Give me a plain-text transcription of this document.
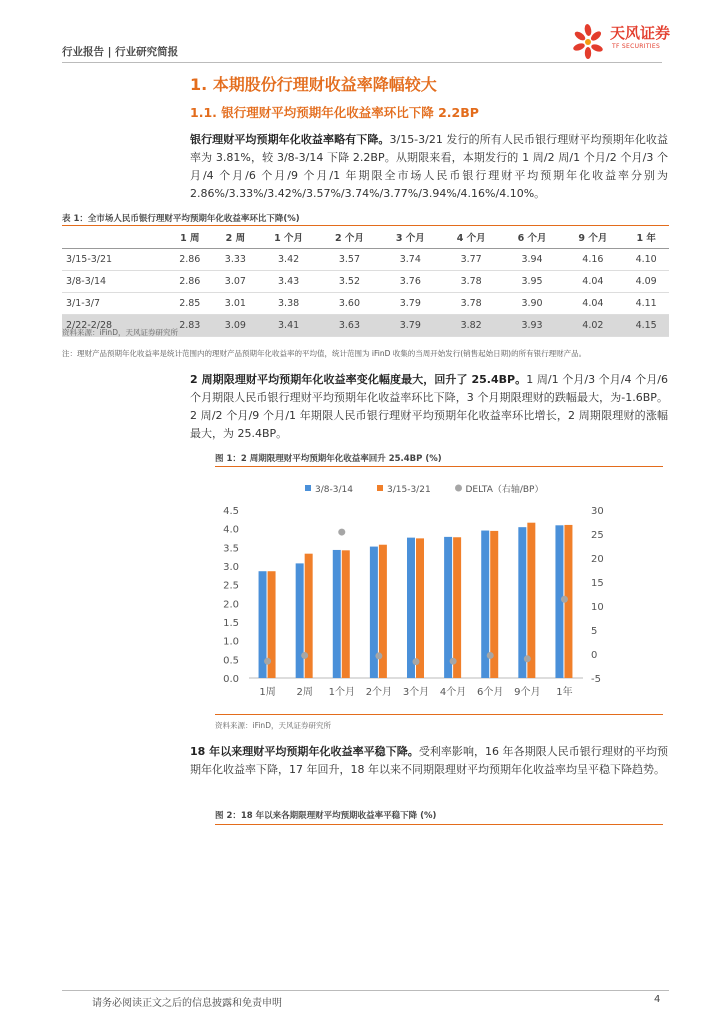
行业报告 | 行业研究简报
天风证券
TF SECURITIES
1. 本期股份行理财收益率降幅较大
1.1. 银行理财平均预期年化收益率环比下降 2.2BP
银行理财平均预期年化收益率略有下降。3/15-3/21 发行的所有人民币银行理财平均预期年化收益率为 3.81%，较 3/8-3/14 下降 2.2BP。从期限来看，本期发行的 1 周/2 周/1 个月/2 个月/3 个月/4 个月/6 个月/9 个月/1 年期限全市场人民币银行理财平均预期年化收益率分别为 2.86%/3.33%/3.42%/3.57%/3.74%/3.77%/3.94%/4.16%/4.10%。
表 1：全市场人民币银行理财平均预期年化收益率环比下降(%)
	1 周	2 周	1 个月	2 个月	3 个月	4 个月	6 个月	9 个月	1 年
3/15-3/21	2.86	3.33	3.42	3.57	3.74	3.77	3.94	4.16	4.10
3/8-3/14	2.86	3.07	3.43	3.52	3.76	3.78	3.95	4.04	4.09
3/1-3/7	2.85	3.01	3.38	3.60	3.79	3.78	3.90	4.04	4.11
2/22-2/28	2.83	3.09	3.41	3.63	3.79	3.82	3.93	4.02	4.15
资料来源：iFinD，天风证券研究所
注：理财产品预期年化收益率是统计范围内的理财产品预期年化收益率的平均值，统计范围为 iFinD 收集的当周开始发行(销售起始日期)的所有银行理财产品。
2 周期限理财平均预期年化收益率变化幅度最大，回升了 25.4BP。1 周/1 个月/3 个月/4 个月/6 个月期限人民币银行理财平均预期年化收益率环比下降，3 个月期限理财的跌幅最大，为-1.6BP。2 周/2 个月/9 个月/1 年期限人民币银行理财平均预期年化收益率环比增长，2 周期限理财的涨幅最大，为 25.4BP。
图 1：2 周期限理财平均预期年化收益率回升 25.4BP (%)
3/8-3/14	3/15-3/21	DELTA（右轴/BP）
0.0
0.5
1.0
1.5
2.0
2.5
3.0
3.5
4.0
4.5
-5
0
5
10
15
20
25
30
1周 2周 1个月 2个月 3个月 4个月 6个月 9个月 1年
资料来源：iFinD，天风证券研究所
18 年以来理财平均预期年化收益率平稳下降。受利率影响，16 年各期限人民币银行理财的平均预期年化收益率下降，17 年回升，18 年以来不同期限理财平均预期年化收益率均呈平稳下降趋势。
图 2：18 年以来各期限理财平均预期收益率平稳下降 (%)
请务必阅读正文之后的信息披露和免责申明	4
